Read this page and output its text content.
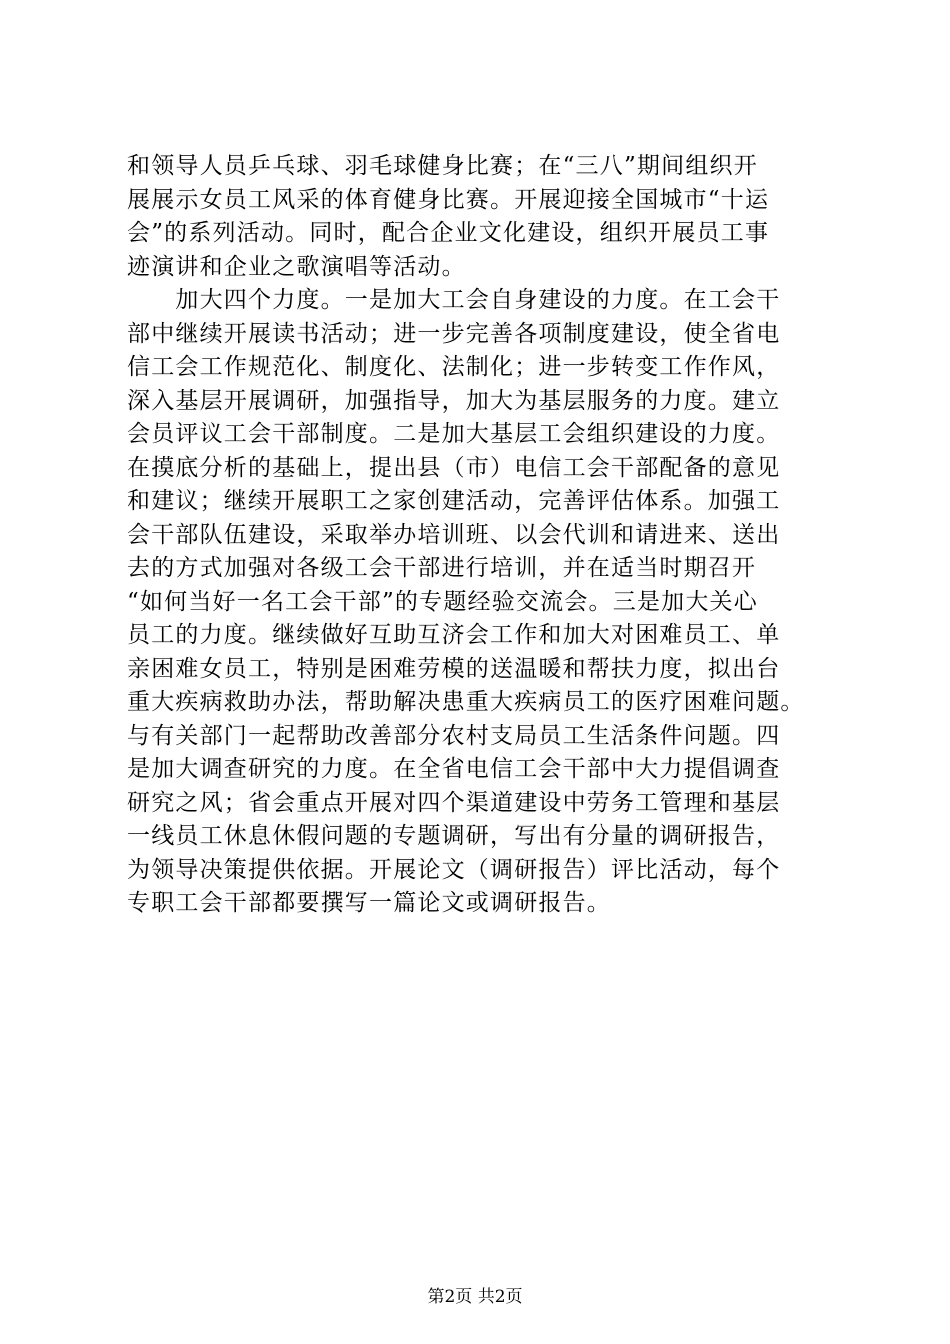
和领导人员乒乓球、羽毛球健身比赛；在“三八”期间组织开
展展示女员工风采的体育健身比赛。开展迎接全国城市“十运
会”的系列活动。同时，配合企业文化建设，组织开展员工事
迹演讲和企业之歌演唱等活动。
　　加大四个力度。一是加大工会自身建设的力度。在工会干
部中继续开展读书活动；进一步完善各项制度建设，使全省电
信工会工作规范化、制度化、法制化；进一步转变工作作风，
深入基层开展调研，加强指导，加大为基层服务的力度。建立
会员评议工会干部制度。二是加大基层工会组织建设的力度。
在摸底分析的基础上，提出县（市）电信工会干部配备的意见
和建议；继续开展职工之家创建活动，完善评估体系。加强工
会干部队伍建设，采取举办培训班、以会代训和请进来、送出
去的方式加强对各级工会干部进行培训，并在适当时期召开
“如何当好一名工会干部”的专题经验交流会。三是加大关心
员工的力度。继续做好互助互济会工作和加大对困难员工、单
亲困难女员工，特别是困难劳模的送温暖和帮扶力度，拟出台
重大疾病救助办法，帮助解决患重大疾病员工的医疗困难问题。
与有关部门一起帮助改善部分农村支局员工生活条件问题。四
是加大调查研究的力度。在全省电信工会干部中大力提倡调查
研究之风；省会重点开展对四个渠道建设中劳务工管理和基层
一线员工休息休假问题的专题调研，写出有分量的调研报告，
为领导决策提供依据。开展论文（调研报告）评比活动，每个
专职工会干部都要撰写一篇论文或调研报告。
第2页 共2页
